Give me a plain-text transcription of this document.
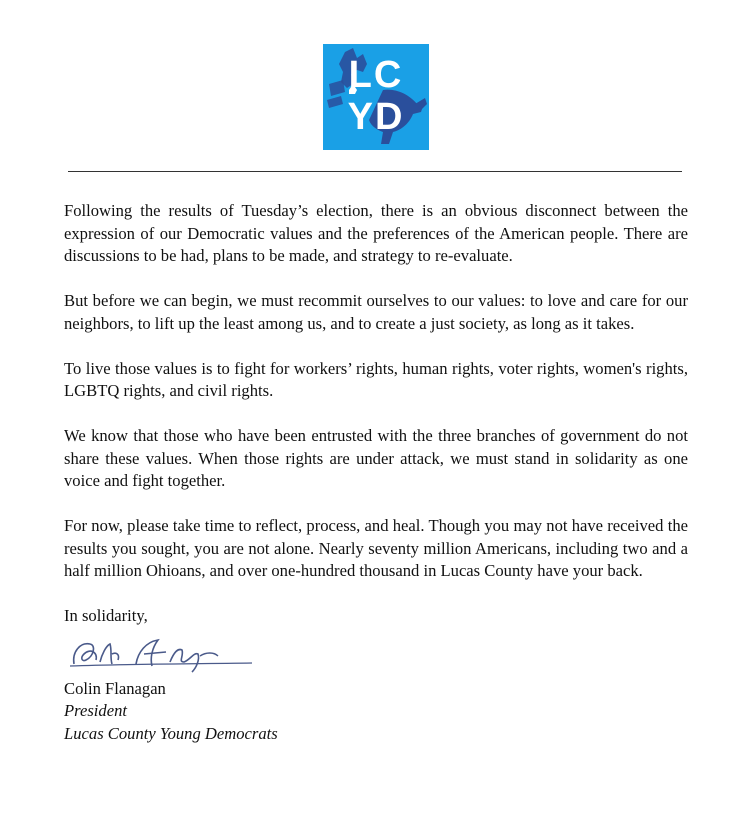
LC
YD

Following the results of Tuesday’s election, there is an obvious disconnect between the expression of our Democratic values and the preferences of the American people. There are discussions to be had, plans to be made, and strategy to re-evaluate.

But before we can begin, we must recommit ourselves to our values: to love and care for our neighbors, to lift up the least among us, and to create a just society, as long as it takes.

To live those values is to fight for workers’ rights, human rights, voter rights, women's rights, LGBTQ rights, and civil rights.

We know that those who have been entrusted with the three branches of government do not share these values. When those rights are under attack, we must stand in solidarity as one voice and fight together.

For now, please take time to reflect, process, and heal. Though you may not have received the results you sought, you are not alone. Nearly seventy million Americans, including two and a half million Ohioans, and over one-hundred thousand in Lucas County have your back.

In solidarity,
Colin Flanagan
President
Lucas County Young Democrats
